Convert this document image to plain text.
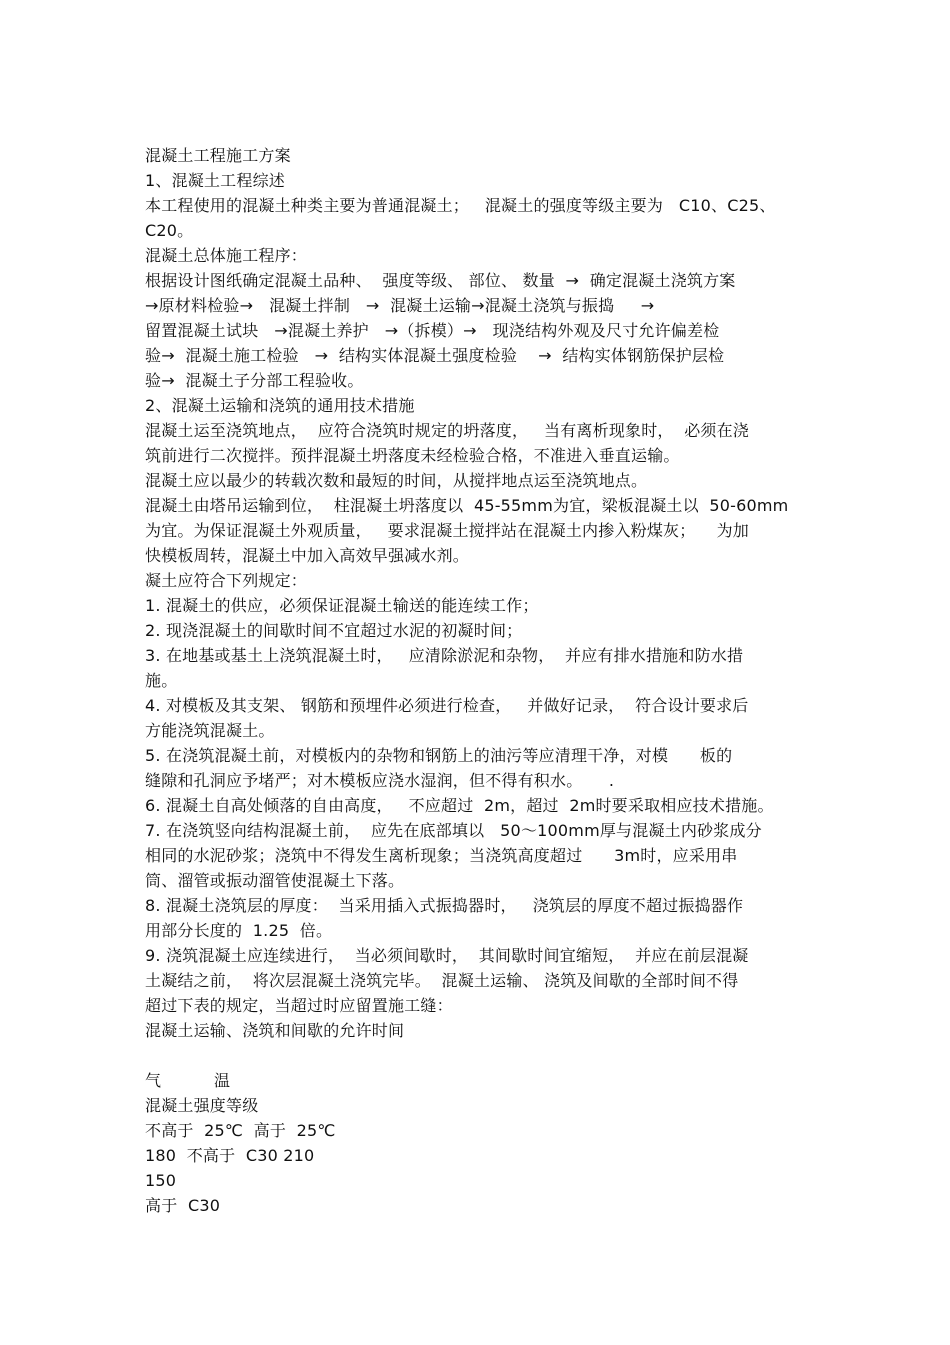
混凝土工程施工方案
1、混凝土工程综述
本工程使用的混凝土种类主要为普通混凝土；   混凝土的强度等级主要为   C10、C25、
C20。
混凝土总体施工程序：
根据设计图纸确定混凝土品种、  强度等级、 部位、 数量  →  确定混凝土浇筑方案
→原材料检验→   混凝土拌制   →  混凝土运输→混凝土浇筑与振捣     →
留置混凝土试块   →混凝土养护   →（拆模）→   现浇结构外观及尺寸允许偏差检
验→  混凝土施工检验   →  结构实体混凝土强度检验    →  结构实体钢筋保护层检
验→  混凝土子分部工程验收。
2、混凝土运输和浇筑的通用技术措施
混凝土运至浇筑地点，  应符合浇筑时规定的坍落度，   当有离析现象时，  必须在浇
筑前进行二次搅拌。预拌混凝土坍落度未经检验合格，不准进入垂直运输。
混凝土应以最少的转载次数和最短的时间，从搅拌地点运至浇筑地点。
混凝土由塔吊运输到位，  柱混凝土坍落度以  45-55mm为宜，梁板混凝土以  50-60mm
为宜。为保证混凝土外观质量，   要求混凝土搅拌站在混凝土内掺入粉煤灰；    为加
快模板周转，混凝土中加入高效早强减水剂。
凝土应符合下列规定：
1. 混凝土的供应，必须保证混凝土输送的能连续工作；
2. 现浇混凝土的间歇时间不宜超过水泥的初凝时间；
3. 在地基或基土上浇筑混凝土时，   应清除淤泥和杂物，  并应有排水措施和防水措
施。
4. 对模板及其支架、 钢筋和预埋件必须进行检查，   并做好记录，  符合设计要求后
方能浇筑混凝土。
5. 在浇筑混凝土前，对模板内的杂物和钢筋上的油污等应清理干净，对模      板的
缝隙和孔洞应予堵严；对木模板应浇水湿润，但不得有积水。     .
6. 混凝土自高处倾落的自由高度，   不应超过  2m，超过  2m时要采取相应技术措施。
7. 在浇筑竖向结构混凝土前，  应先在底部填以   50～100mm厚与混凝土内砂浆成分
相同的水泥砂浆；浇筑中不得发生离析现象；当浇筑高度超过      3m时，应采用串
筒、溜管或振动溜管使混凝土下落。
8. 混凝土浇筑层的厚度：  当采用插入式振捣器时，   浇筑层的厚度不超过振捣器作
用部分长度的  1.25  倍。
9. 浇筑混凝土应连续进行，  当必须间歇时，  其间歇时间宜缩短，  并应在前层混凝
土凝结之前，  将次层混凝土浇筑完毕。  混凝土运输、 浇筑及间歇的全部时间不得
超过下表的规定，当超过时应留置施工缝：
混凝土运输、浇筑和间歇的允许时间
气          温
混凝土强度等级
不高于  25℃  高于  25℃
180  不高于  C30 210
150
高于  C30
